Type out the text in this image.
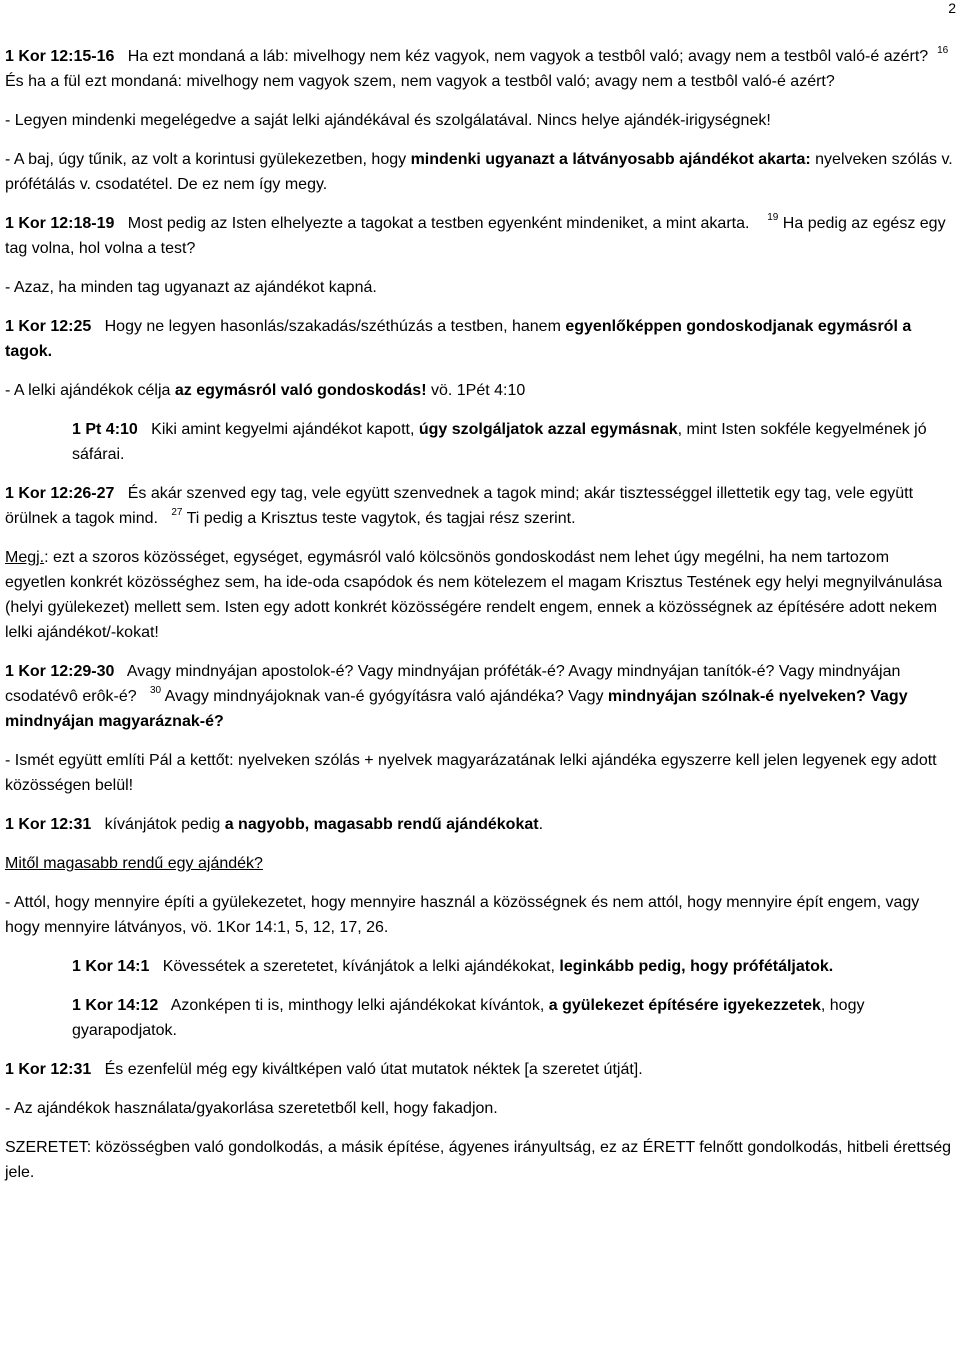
2

1 Kor 12:15-16 Ha ezt mondaná a láb: mivelhogy nem kéz vagyok, nem vagyok a testbôl való; avagy nem a testbôl való-é azért? $^{16}$ És ha a fül ezt mondaná: mivelhogy nem vagyok szem, nem vagyok a testbôl való; avagy nem a testbôl való-é azért?

- Legyen mindenki megelégedve a saját lelki ajándékával és szolgálatával. Nincs helye ajándék-irigységnek!

- A baj, úgy tűnik, az volt a korintusi gyülekezetben, hogy mindenki ugyanazt a látványosabb ajándékot akarta: nyelveken szólás v. prófétálás v. csodatétel. De ez nem így megy.

1 Kor 12:18-19 Most pedig az Isten elhelyezte a tagokat a testben egyenként mindeniket, a mint akarta. $^{19}$ Ha pedig az egész egy tag volna, hol volna a test?

- Azaz, ha minden tag ugyanazt az ajándékot kapná.

1 Kor 12:25 Hogy ne legyen hasonlás/szakadás/széthúzás a testben, hanem egyenlőképpen gondoskodjanak egymásról a tagok.

- A lelki ajándékok célja az egymásról való gondoskodás! vö. 1Pét 4:10

1 Pt 4:10 Kiki amint kegyelmi ajándékot kapott, úgy szolgáljatok azzal egymásnak, mint Isten sokféle kegyelmének jó sáfárai.

1 Kor 12:26-27 És akár szenved egy tag, vele együtt szenvednek a tagok mind; akár tisztességgel illettetik egy tag, vele együtt örülnek a tagok mind. $^{27}$ Ti pedig a Krisztus teste vagytok, és tagjai rész szerint.

Megj.: ezt a szoros közösséget, egységet, egymásról való kölcsönös gondoskodást nem lehet úgy megélni, ha nem tartozom egyetlen konkrét közösséghez sem, ha ide-oda csapódok és nem kötelezem el magam Krisztus Testének egy helyi megnyilvánulása (helyi gyülekezet) mellett sem. Isten egy adott konkrét közösségére rendelt engem, ennek a közösségnek az építésére adott nekem lelki ajándékot/-kokat!

1 Kor 12:29-30 Avagy mindnyájan apostolok-é? Vagy mindnyájan próféták-é? Avagy mindnyájan tanítók-é? Vagy mindnyájan csodatévô erôk-é? $^{30}$ Avagy mindnyájoknak van-é gyógyításra való ajándéka? Vagy mindnyájan szólnak-é nyelveken? Vagy mindnyájan magyaráznak-é?

- Ismét együtt említi Pál a kettőt: nyelveken szólás + nyelvek magyarázatának lelki ajándéka egyszerre kell jelen legyenek egy adott közösségen belül!

1 Kor 12:31 kívánjátok pedig a nagyobb, magasabb rendű ajándékokat.

Mitől magasabb rendű egy ajándék?

- Attól, hogy mennyire építi a gyülekezetet, hogy mennyire használ a közösségnek és nem attól, hogy mennyire épít engem, vagy hogy mennyire látványos, vö. 1Kor 14:1, 5, 12, 17, 26.

1 Kor 14:1 Kövessétek a szeretetet, kívánjátok a lelki ajándékokat, leginkább pedig, hogy prófétáljatok.

1 Kor 14:12 Azonképen ti is, minthogy lelki ajándékokat kívántok, a gyülekezet építésére igyekezzetek, hogy gyarapodjatok.

1 Kor 12:31 És ezenfelül még egy kiváltképen való útat mutatok néktek [a szeretet útját].

- Az ajándékok használata/gyakorlása szeretetből kell, hogy fakadjon.

SZERETET: közösségben való gondolkodás, a másik építése, ágyenes irányultság, ez az ÉRETT felnőtt gondolkodás, hitbeli érettség jele.
